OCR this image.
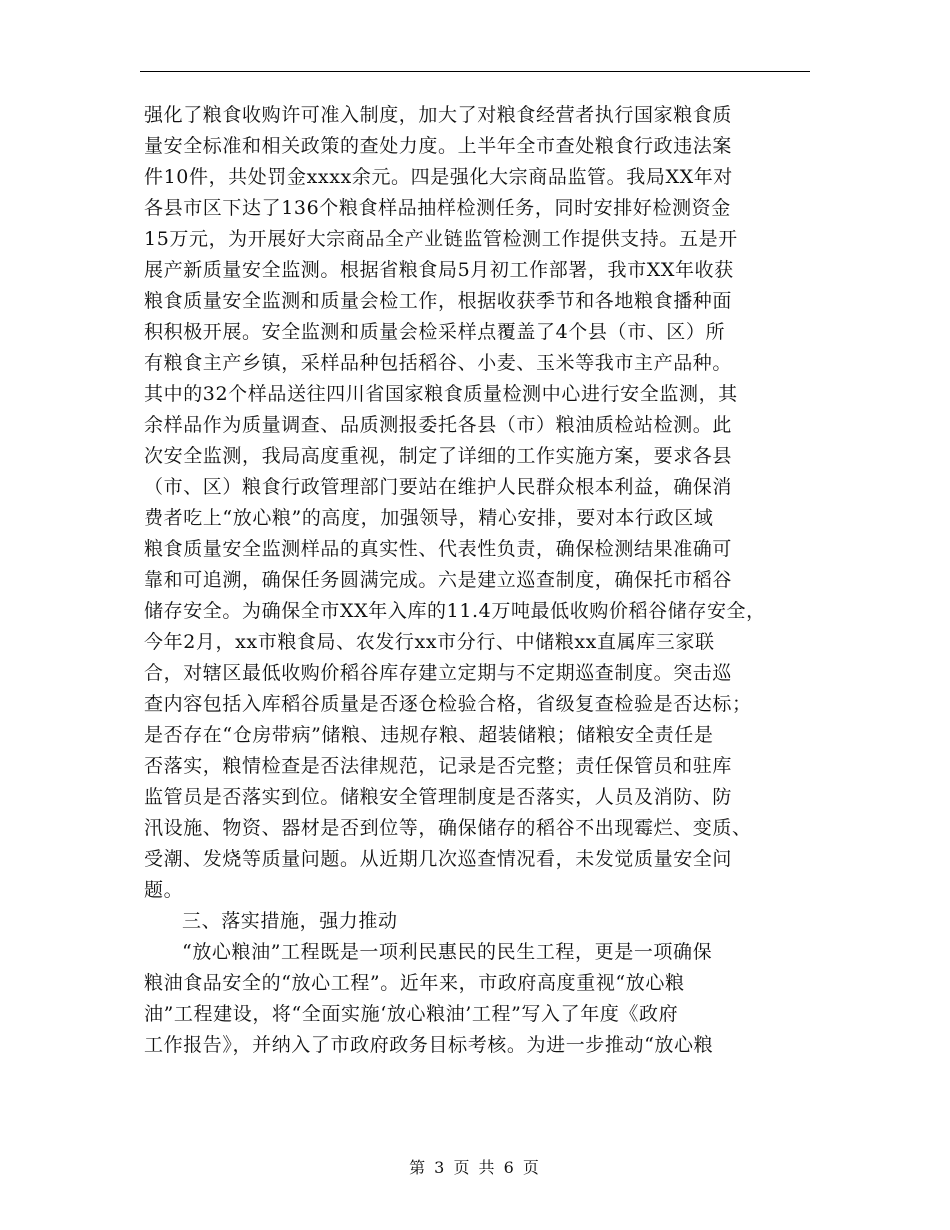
强化了粮食收购许可准入制度，加大了对粮食经营者执行国家粮食质
量安全标准和相关政策的查处力度。上半年全市查处粮食行政违法案
件10件，共处罚金xxxx余元。四是强化大宗商品监管。我局XX年对
各县市区下达了136个粮食样品抽样检测任务，同时安排好检测资金
15万元，为开展好大宗商品全产业链监管检测工作提供支持。五是开
展产新质量安全监测。根据省粮食局5月初工作部署，我市XX年收获
粮食质量安全监测和质量会检工作，根据收获季节和各地粮食播种面
积积极开展。安全监测和质量会检采样点覆盖了4个县（市、区）所
有粮食主产乡镇，采样品种包括稻谷、小麦、玉米等我市主产品种。
其中的32个样品送往四川省国家粮食质量检测中心进行安全监测，其
余样品作为质量调查、品质测报委托各县（市）粮油质检站检测。此
次安全监测，我局高度重视，制定了详细的工作实施方案，要求各县
（市、区）粮食行政管理部门要站在维护人民群众根本利益，确保消
费者吃上“放心粮”的高度，加强领导，精心安排，要对本行政区域
粮食质量安全监测样品的真实性、代表性负责，确保检测结果准确可
靠和可追溯，确保任务圆满完成。六是建立巡查制度，确保托市稻谷
储存安全。为确保全市XX年入库的11.4万吨最低收购价稻谷储存安全，
今年2月，xx市粮食局、农发行xx市分行、中储粮xx直属库三家联
合，对辖区最低收购价稻谷库存建立定期与不定期巡查制度。突击巡
查内容包括入库稻谷质量是否逐仓检验合格，省级复查检验是否达标；
是否存在“仓房带病”储粮、违规存粮、超装储粮；储粮安全责任是
否落实，粮情检查是否法律规范，记录是否完整；责任保管员和驻库
监管员是否落实到位。储粮安全管理制度是否落实，人员及消防、防
汛设施、物资、器材是否到位等，确保储存的稻谷不出现霉烂、变质、
受潮、发烧等质量问题。从近期几次巡查情况看，未发觉质量安全问
题。
三、落实措施，强力推动
“放心粮油”工程既是一项利民惠民的民生工程，更是一项确保
粮油食品安全的“放心工程”。近年来，市政府高度重视“放心粮
油”工程建设，将“全面实施‘放心粮油’工程”写入了年度《政府
工作报告》，并纳入了市政府政务目标考核。为进一步推动“放心粮
第 3 页 共 6 页
